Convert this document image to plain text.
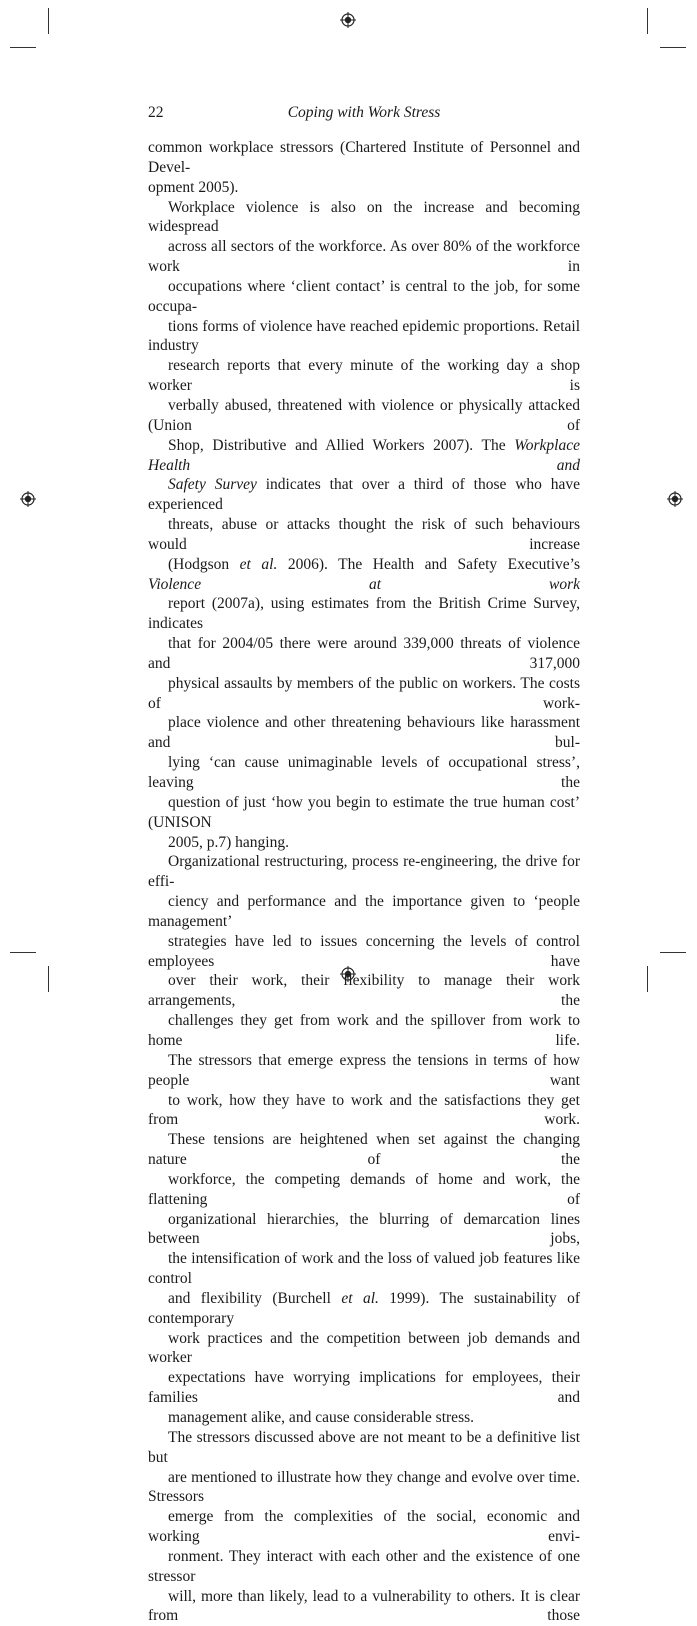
22	Coping with Work Stress

common workplace stressors (Chartered Institute of Personnel and Devel-
opment 2005).

Workplace violence is also on the increase and becoming widespread
across all sectors of the workforce. As over 80% of the workforce work in
occupations where ‘client contact’ is central to the job, for some occupa-
tions forms of violence have reached epidemic proportions. Retail industry
research reports that every minute of the working day a shop worker is
verbally abused, threatened with violence or physically attacked (Union of
Shop, Distributive and Allied Workers 2007). The Workplace Health and
Safety Survey indicates that over a third of those who have experienced
threats, abuse or attacks thought the risk of such behaviours would increase
(Hodgson et al. 2006). The Health and Safety Executive’s Violence at work
report (2007a), using estimates from the British Crime Survey, indicates
that for 2004/05 there were around 339,000 threats of violence and 317,000
physical assaults by members of the public on workers. The costs of work-
place violence and other threatening behaviours like harassment and bul-
lying ‘can cause unimaginable levels of occupational stress’, leaving the
question of just ‘how you begin to estimate the true human cost’ (UNISON
2005, p.7) hanging.

Organizational restructuring, process re-engineering, the drive for effi-
ciency and performance and the importance given to ‘people management’
strategies have led to issues concerning the levels of control employees have
over their work, their flexibility to manage their work arrangements, the
challenges they get from work and the spillover from work to home life.
The stressors that emerge express the tensions in terms of how people want
to work, how they have to work and the satisfactions they get from work.
These tensions are heightened when set against the changing nature of the
workforce, the competing demands of home and work, the flattening of
organizational hierarchies, the blurring of demarcation lines between jobs,
the intensification of work and the loss of valued job features like control
and flexibility (Burchell et al. 1999). The sustainability of contemporary
work practices and the competition between job demands and worker
expectations have worrying implications for employees, their families and
management alike, and cause considerable stress.

The stressors discussed above are not meant to be a definitive list but
are mentioned to illustrate how they change and evolve over time. Stressors
emerge from the complexities of the social, economic and working envi-
ronment. They interact with each other and the existence of one stressor
will, more than likely, lead to a vulnerability to others. It is clear from those
